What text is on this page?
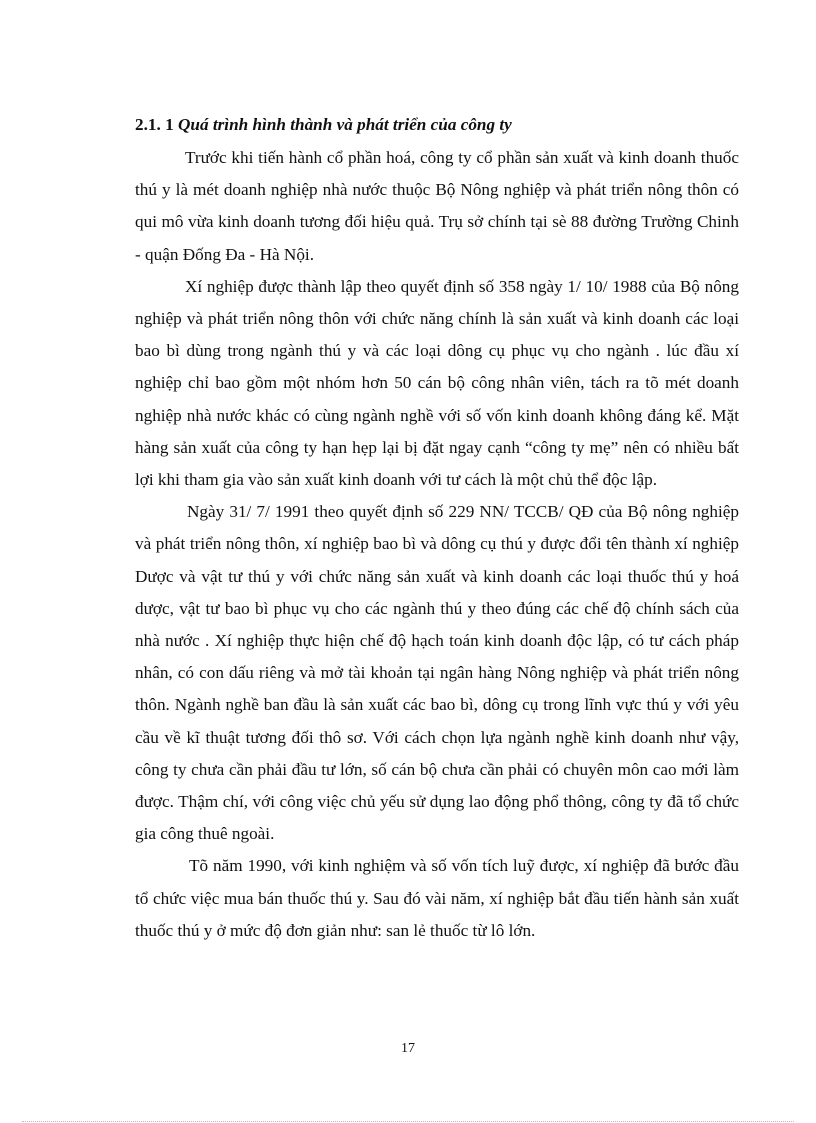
2.1. 1 Quá trình hình thành và phát triển của công ty

Trước khi tiến hành cổ phần hoá, công ty cổ phần sản xuất và kinh doanh thuốc thú y là mét doanh nghiệp nhà nước thuộc Bộ Nông nghiệp và phát triển nông thôn có qui mô vừa kinh doanh tương đối hiệu quả. Trụ sở chính tại sè 88 đường Trường Chinh - quận Đống Đa - Hà Nội.

Xí nghiệp được thành lập theo quyết định số 358 ngày 1/ 10/ 1988 của Bộ nông nghiệp và phát triển nông thôn với chức năng chính là sản xuất và kinh doanh các loại bao bì dùng trong ngành thú y và các loại dông cụ phục vụ cho ngành . lúc đầu xí nghiệp chỉ bao gồm một nhóm hơn 50 cán bộ công nhân viên, tách ra tõ mét doanh nghiệp nhà nước khác có cùng ngành nghề với số vốn kinh doanh không đáng kể. Mặt hàng sản xuất của công ty hạn hẹp lại bị đặt ngay cạnh “công ty mẹ” nên có nhiều bất lợi khi tham gia vào sản xuất kinh doanh với tư cách là một chủ thể độc lập.

Ngày 31/ 7/ 1991 theo quyết định số 229 NN/ TCCB/ QĐ của Bộ nông nghiệp và phát triển nông thôn, xí nghiệp bao bì và dông cụ thú y được đổi tên thành xí nghiệp Dược và vật tư thú y với chức năng sản xuất và kinh doanh các loại thuốc thú y hoá dược, vật tư bao bì phục vụ cho các ngành thú y theo đúng các chế độ chính sách của nhà nước . Xí nghiệp thực hiện chế độ hạch toán kinh doanh độc lập, có tư cách pháp nhân, có con dấu riêng và mở tài khoản tại ngân hàng Nông nghiệp và phát triển nông thôn. Ngành nghề ban đầu là sản xuất các bao bì, dông cụ trong lĩnh vực thú y với yêu cầu về kĩ thuật tương đối thô sơ. Với cách chọn lựa ngành nghề kinh doanh như vậy, công ty chưa cần phải đầu tư lớn, số cán bộ chưa cần phải có chuyên môn cao mới làm được. Thậm chí, với công việc chủ yếu sử dụng lao động phổ thông, công ty đã tổ chức gia công thuê ngoài.

Tõ năm 1990, với kinh nghiệm và số vốn tích luỹ được, xí nghiệp đã bước đầu tổ chức việc mua bán thuốc thú y. Sau đó vài năm, xí nghiệp bắt đầu tiến hành sản xuất thuốc thú y ở mức độ đơn giản như: san lẻ thuốc từ lô lớn.

17
